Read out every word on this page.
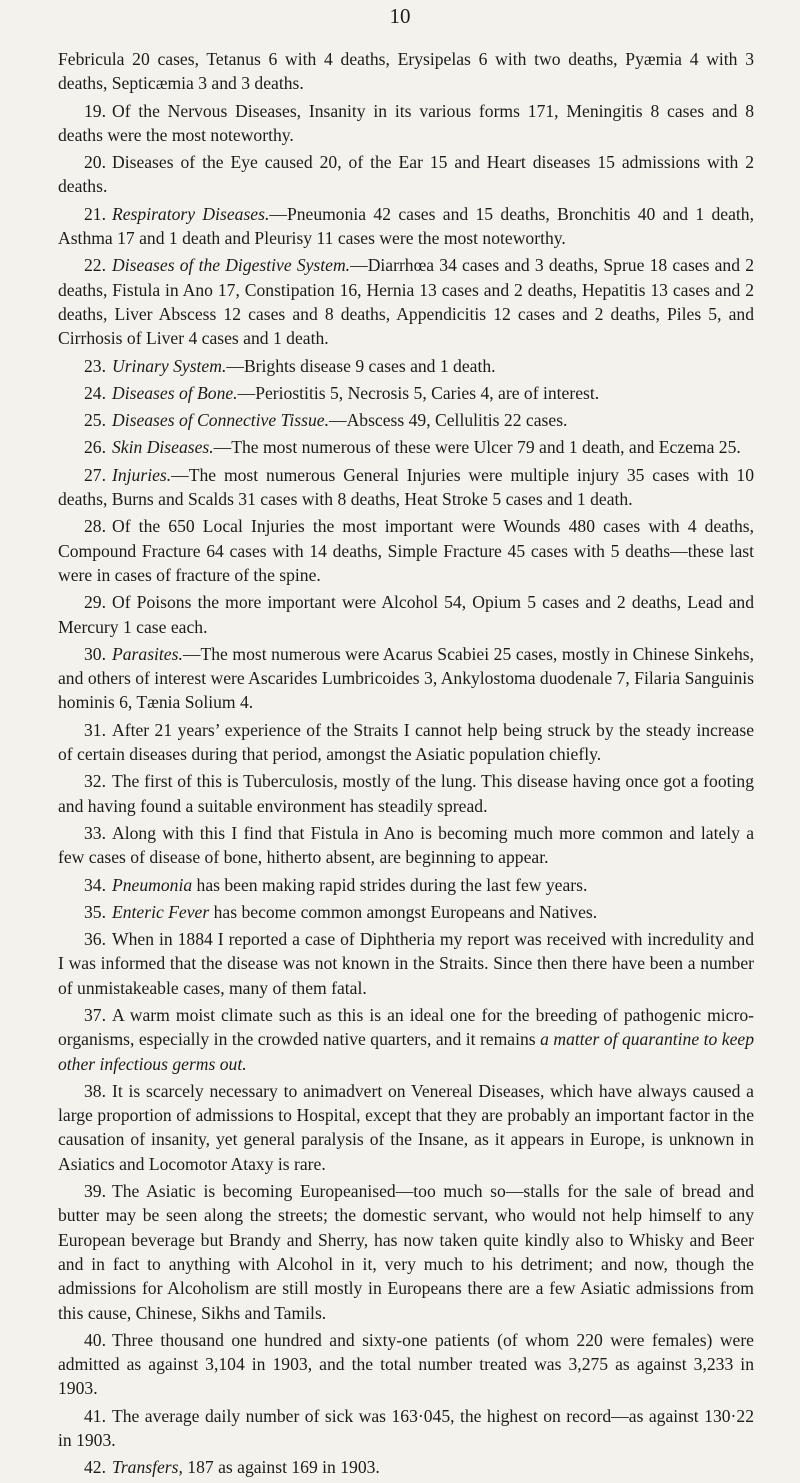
10

Febricula 20 cases, Tetanus 6 with 4 deaths, Erysipelas 6 with two deaths, Pyæmia 4 with 3 deaths, Septicæmia 3 and 3 deaths.

19. Of the Nervous Diseases, Insanity in its various forms 171, Meningitis 8 cases and 8 deaths were the most noteworthy.

20. Diseases of the Eye caused 20, of the Ear 15 and Heart diseases 15 admissions with 2 deaths.

21. Respiratory Diseases.—Pneumonia 42 cases and 15 deaths, Bronchitis 40 and 1 death, Asthma 17 and 1 death and Pleurisy 11 cases were the most noteworthy.

22. Diseases of the Digestive System.—Diarrhœa 34 cases and 3 deaths, Sprue 18 cases and 2 deaths, Fistula in Ano 17, Constipation 16, Hernia 13 cases and 2 deaths, Hepatitis 13 cases and 2 deaths, Liver Abscess 12 cases and 8 deaths, Appendicitis 12 cases and 2 deaths, Piles 5, and Cirrhosis of Liver 4 cases and 1 death.

23. Urinary System.—Brights disease 9 cases and 1 death.

24. Diseases of Bone.—Periostitis 5, Necrosis 5, Caries 4, are of interest.

25. Diseases of Connective Tissue.—Abscess 49, Cellulitis 22 cases.

26. Skin Diseases.—The most numerous of these were Ulcer 79 and 1 death, and Eczema 25.

27. Injuries.—The most numerous General Injuries were multiple injury 35 cases with 10 deaths, Burns and Scalds 31 cases with 8 deaths, Heat Stroke 5 cases and 1 death.

28. Of the 650 Local Injuries the most important were Wounds 480 cases with 4 deaths, Compound Fracture 64 cases with 14 deaths, Simple Fracture 45 cases with 5 deaths—these last were in cases of fracture of the spine.

29. Of Poisons the more important were Alcohol 54, Opium 5 cases and 2 deaths, Lead and Mercury 1 case each.

30. Parasites.—The most numerous were Acarus Scabiei 25 cases, mostly in Chinese Sinkehs, and others of interest were Ascarides Lumbricoides 3, Ankylostoma duodenale 7, Filaria Sanguinis hominis 6, Tænia Solium 4.

31. After 21 years’ experience of the Straits I cannot help being struck by the steady increase of certain diseases during that period, amongst the Asiatic population chiefly.

32. The first of this is Tuberculosis, mostly of the lung. This disease having once got a footing and having found a suitable environment has steadily spread.

33. Along with this I find that Fistula in Ano is becoming much more common and lately a few cases of disease of bone, hitherto absent, are beginning to appear.

34. Pneumonia has been making rapid strides during the last few years.

35. Enteric Fever has become common amongst Europeans and Natives.

36. When in 1884 I reported a case of Diphtheria my report was received with incredulity and I was informed that the disease was not known in the Straits. Since then there have been a number of unmistakeable cases, many of them fatal.

37. A warm moist climate such as this is an ideal one for the breeding of pathogenic micro-organisms, especially in the crowded native quarters, and it remains a matter of quarantine to keep other infectious germs out.

38. It is scarcely necessary to animadvert on Venereal Diseases, which have always caused a large proportion of admissions to Hospital, except that they are probably an important factor in the causation of insanity, yet general paralysis of the Insane, as it appears in Europe, is unknown in Asiatics and Locomotor Ataxy is rare.

39. The Asiatic is becoming Europeanised—too much so—stalls for the sale of bread and butter may be seen along the streets; the domestic servant, who would not help himself to any European beverage but Brandy and Sherry, has now taken quite kindly also to Whisky and Beer and in fact to anything with Alcohol in it, very much to his detriment; and now, though the admissions for Alcoholism are still mostly in Europeans there are a few Asiatic admissions from this cause, Chinese, Sikhs and Tamils.

40. Three thousand one hundred and sixty-one patients (of whom 220 were females) were admitted as against 3,104 in 1903, and the total number treated was 3,275 as against 3,233 in 1903.

41. The average daily number of sick was 163·045, the highest on record—as against 130·22 in 1903.

42. Transfers, 187 as against 169 in 1903.
